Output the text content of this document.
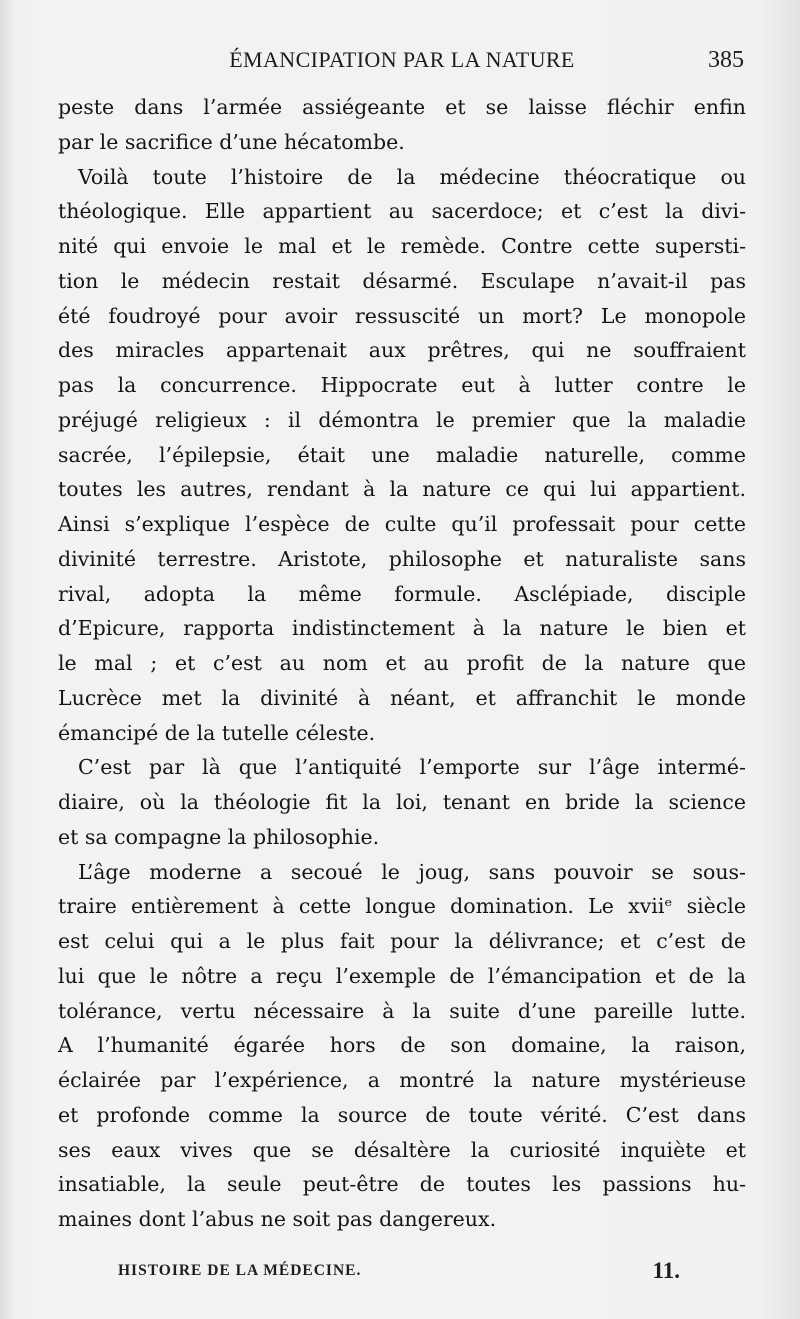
ÉMANCIPATION PAR LA NATURE	385
peste dans l’armée assiégeante et se laisse fléchir enfin
par le sacrifice d’une hécatombe.
Voilà toute l’histoire de la médecine théocratique ou
théologique. Elle appartient au sacerdoce; et c’est la divi-
nité qui envoie le mal et le remède. Contre cette supersti-
tion le médecin restait désarmé. Esculape n’avait-il pas
été foudroyé pour avoir ressuscité un mort? Le monopole
des miracles appartenait aux prêtres, qui ne souffraient
pas la concurrence. Hippocrate eut à lutter contre le
préjugé religieux : il démontra le premier que la maladie
sacrée, l’épilepsie, était une maladie naturelle, comme
toutes les autres, rendant à la nature ce qui lui appartient.
Ainsi s’explique l’espèce de culte qu’il professait pour cette
divinité terrestre. Aristote, philosophe et naturaliste sans
rival, adopta la même formule. Asclépiade, disciple
d’Epicure, rapporta indistinctement à la nature le bien et
le mal ; et c’est au nom et au profit de la nature que
Lucrèce met la divinité à néant, et affranchit le monde
émancipé de la tutelle céleste.
C’est par là que l’antiquité l’emporte sur l’âge intermé-
diaire, où la théologie fit la loi, tenant en bride la science
et sa compagne la philosophie.
L’âge moderne a secoué le joug, sans pouvoir se sous-
traire entièrement à cette longue domination. Le xviiᵉ siècle
est celui qui a le plus fait pour la délivrance; et c’est de
lui que le nôtre a reçu l’exemple de l’émancipation et de la
tolérance, vertu nécessaire à la suite d’une pareille lutte.
A l’humanité égarée hors de son domaine, la raison,
éclairée par l’expérience, a montré la nature mystérieuse
et profonde comme la source de toute vérité. C’est dans
ses eaux vives que se désaltère la curiosité inquiète et
insatiable, la seule peut-être de toutes les passions hu-
maines dont l’abus ne soit pas dangereux.
HISTOIRE DE LA MÉDECINE.	11.
